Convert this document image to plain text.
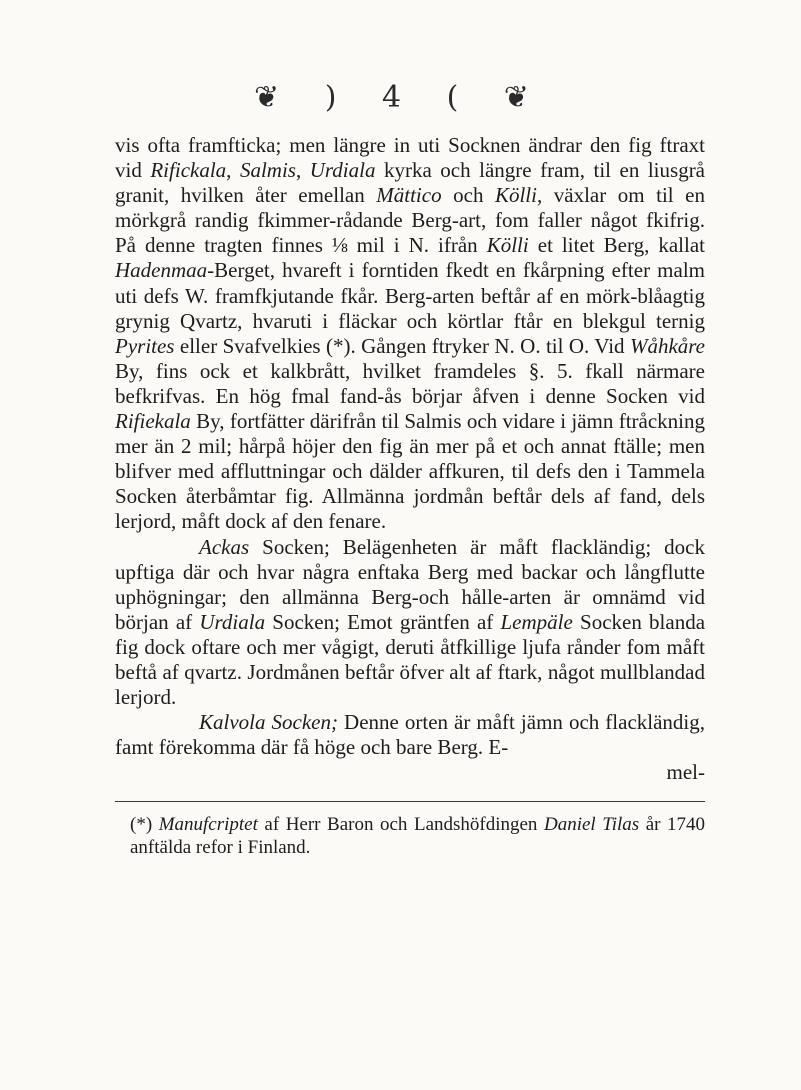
❦ ) 4 ( ❦

vis ofta framfticka; men längre in uti Socknen ändrar den fig ftraxt vid Rifickala, Salmis, Urdiala kyrka och längre fram, til en liusgrå granit, hvilken åter emellan Mättico och Kölli, växlar om til en mörkgrå randig fkimmer-rådande Berg-art, fom faller något fkifrig. På denne tragten finnes ⅛ mil i N. ifrån Kölli et litet Berg, kallat Hadenmaa-Berget, hvareft i forntiden fkedt en fkårpning efter malm uti defs W. framfkjutande fkår. Berg-arten beftår af en mörk-blåagtig grynig Qvartz, hvaruti i fläckar och körtlar ftår en blekgul ternig Pyrites eller Svafvelkies (*). Gången ftryker N. O. til O. Vid Wåhkåre By, fins ock et kalkbrått, hvilket framdeles §. 5. fkall närmare befkrifvas. En hög fmal fand-ås börjar åfven i denne Socken vid Rifiekala By, fortfätter därifrån til Salmis och vidare i jämn ftråckning mer än 2 mil; hårpå höjer den fig än mer på et och annat ftälle; men blifver med affluttningar och dälder affkuren, til defs den i Tammela Socken återbåmtar fig. Allmänna jordmån beftår dels af fand, dels lerjord, måft dock af den fenare.

Ackas Socken; Belägenheten är måft flackländig; dock upftiga där och hvar några enftaka Berg med backar och långflutte uphögningar; den allmänna Berg-och hålle-arten är omnämd vid början af Urdiala Socken; Emot gräntfen af Lempäle Socken blanda fig dock oftare och mer vågigt, deruti åtfkillige ljufa rånder fom måft beftå af qvartz. Jordmånen beftår öfver alt af ftark, något mullblandad lerjord.

Kalvola Socken; Denne orten är måft jämn och flackländig, famt förekomma där få höge och bare Berg. E-

mel-
(*) Manufcriptet af Herr Baron och Landshöfdingen Daniel Tilas år 1740 anftälda refor i Finland.
